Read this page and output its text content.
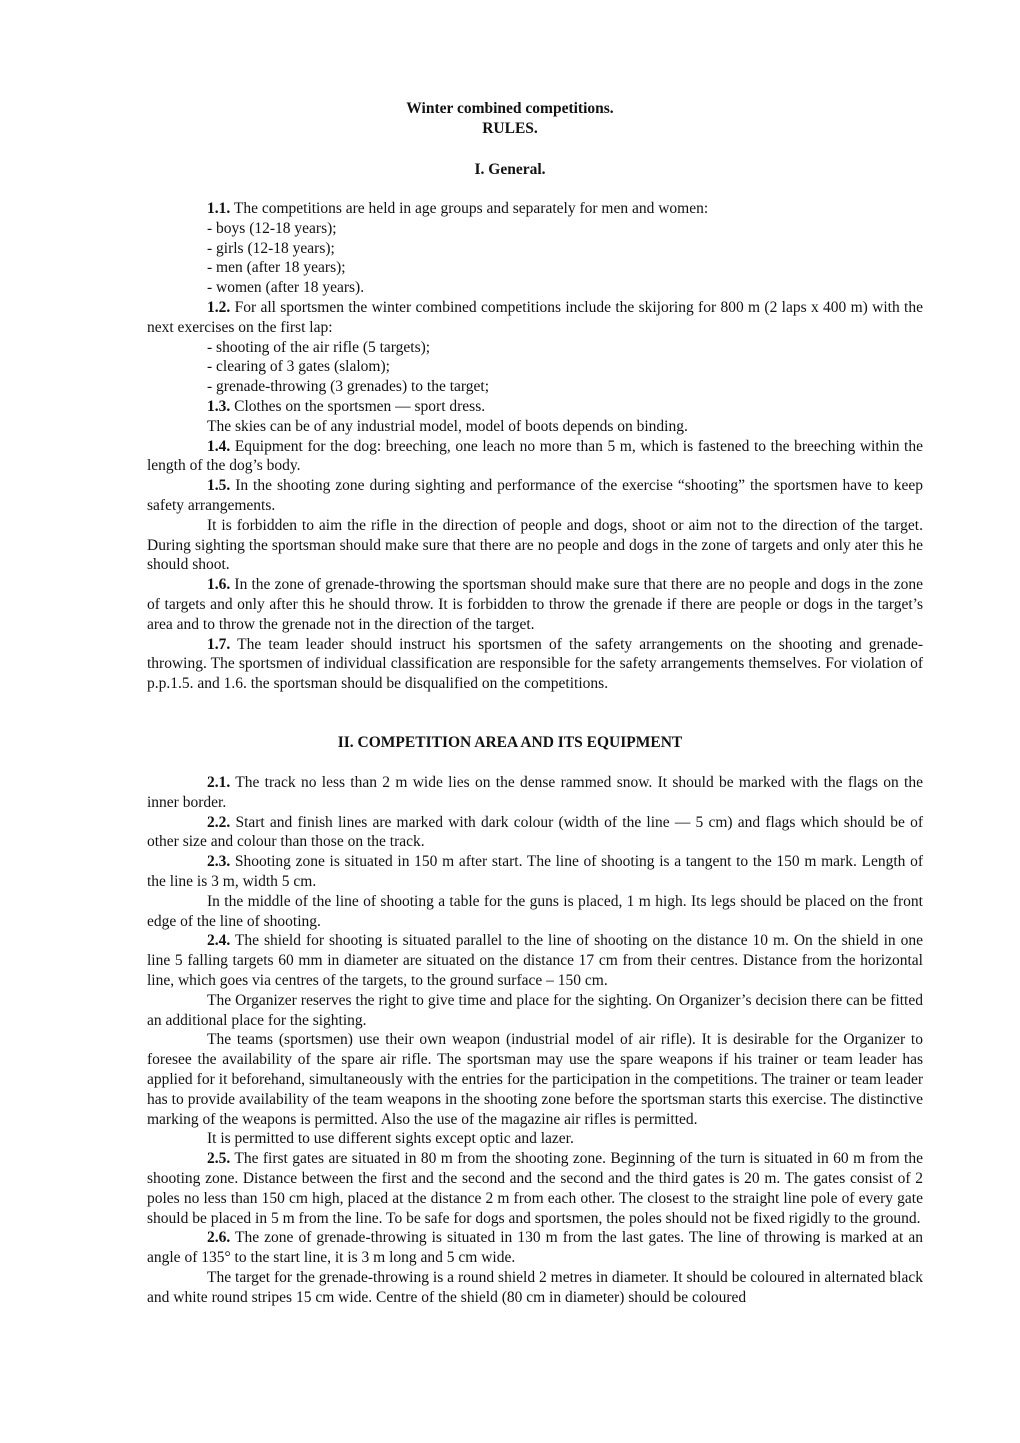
Winter combined competitions.
RULES.
I. General.

1.1. The competitions are held in age groups and separately for men and women:

- boys (12-18 years);

- girls (12-18 years);

- men (after 18 years);

- women (after 18 years).

1.2. For all sportsmen the winter combined competitions include the skijoring for 800 m (2 laps x 400 m) with the next exercises on the first lap:

- shooting of the air rifle (5 targets);

- clearing of 3 gates (slalom);

- grenade-throwing (3 grenades) to the target;

1.3. Clothes on the sportsmen — sport dress.

The skies can be of any industrial model, model of boots depends on binding.

1.4. Equipment for the dog: breeching, one leach no more than 5 m, which is fastened to the breeching within the length of the dog’s body.

1.5. In the shooting zone during sighting and performance of the exercise “shooting” the sportsmen have to keep safety arrangements.

It is forbidden to aim the rifle in the direction of people and dogs, shoot or aim not to the direction of the target. During sighting the sportsman should make sure that there are no people and dogs in the zone of targets and only ater this he should shoot.

1.6. In the zone of grenade-throwing the sportsman should make sure that there are no people and dogs in the zone of targets and only after this he should throw. It is forbidden to throw the grenade if there are people or dogs in the target’s area and to throw the grenade not in the direction of the target.

1.7. The team leader should instruct his sportsmen of the safety arrangements on the shooting and grenade-throwing. The sportsmen of individual classification are responsible for the safety arrangements themselves. For violation of p.p.1.5. and 1.6. the sportsman should be disqualified on the competitions.

II. COMPETITION AREA AND ITS EQUIPMENT

2.1. The track no less than 2 m wide lies on the dense rammed snow. It should be marked with the flags on the inner border.

2.2. Start and finish lines are marked with dark colour (width of the line — 5 cm) and flags which should be of other size and colour than those on the track.

2.3. Shooting zone is situated in 150 m after start. The line of shooting is a tangent to the 150 m mark. Length of the line is 3 m, width 5 cm.

In the middle of the line of shooting a table for the guns is placed, 1 m high. Its legs should be placed on the front edge of the line of shooting.

2.4. The shield for shooting is situated parallel to the line of shooting on the distance 10 m. On the shield in one line 5 falling targets 60 mm in diameter are situated on the distance 17 cm from their centres. Distance from the horizontal line, which goes via centres of the targets, to the ground surface – 150 cm.

The Organizer reserves the right to give time and place for the sighting. On Organizer’s decision there can be fitted an additional place for the sighting.

The teams (sportsmen) use their own weapon (industrial model of air rifle). It is desirable for the Organizer to foresee the availability of the spare air rifle. The sportsman may use the spare weapons if his trainer or team leader has applied for it beforehand, simultaneously with the entries for the participation in the competitions. The trainer or team leader has to provide availability of the team weapons in the shooting zone before the sportsman starts this exercise. The distinctive marking of the weapons is permitted. Also the use of the magazine air rifles is permitted.

It is permitted to use different sights except optic and lazer.

2.5. The first gates are situated in 80 m from the shooting zone. Beginning of the turn is situated in 60 m from the shooting zone. Distance between the first and the second and the second and the third gates is 20 m. The gates consist of 2 poles no less than 150 cm high, placed at the distance 2 m from each other. The closest to the straight line pole of every gate should be placed in 5 m from the line. To be safe for dogs and sportsmen, the poles should not be fixed rigidly to the ground.

2.6. The zone of grenade-throwing is situated in 130 m from the last gates. The line of throwing is marked at an angle of 135° to the start line, it is 3 m long and 5 cm wide.

The target for the grenade-throwing is a round shield 2 metres in diameter. It should be coloured in alternated black and white round stripes 15 cm wide. Centre of the shield (80 cm in diameter) should be coloured
